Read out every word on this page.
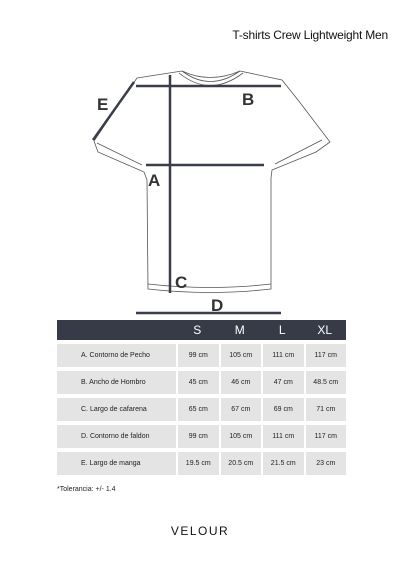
T-shirts Crew Lightweight Men
E	B
A
C
D
S	M	L	XL
A. Contorno de Pecho	99 cm	105 cm	111 cm	117 cm
B. Ancho de Hombro	45 cm	46 cm	47 cm	48.5 cm
C. Largo de cafarena	65 cm	67 cm	69 cm	71 cm
D. Contorno de faldon	99 cm	105 cm	111 cm	117 cm
E. Largo de manga	19.5 cm	20.5 cm	21.5 cm	23 cm
*Tolerancia: +/- 1.4
VELOUR
